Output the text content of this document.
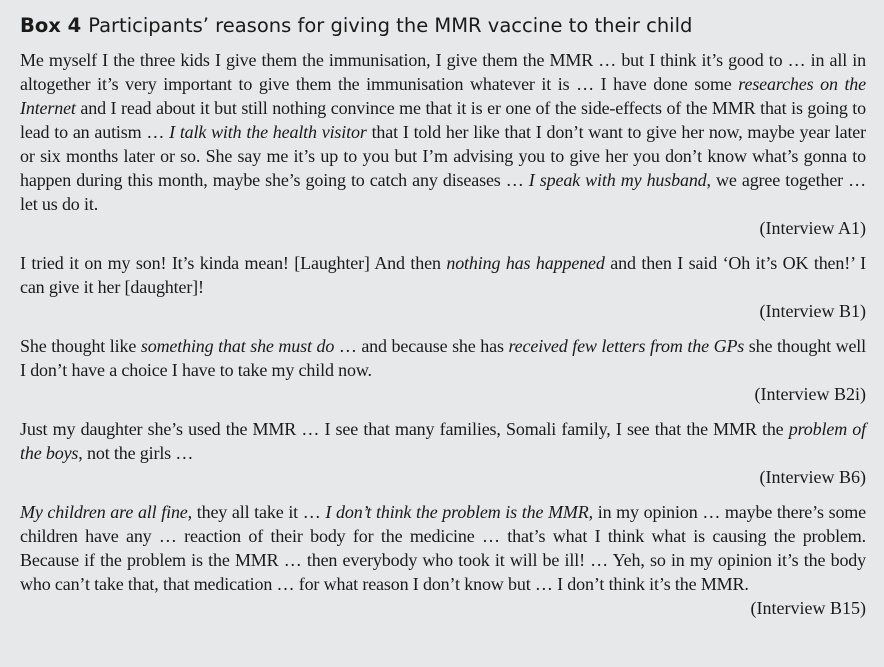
Box 4 Participants’ reasons for giving the MMR vaccine to their child

Me myself I the three kids I give them the immunisation, I give them the MMR … but I think it’s good to … in all in altogether it’s very important to give them the immunisation whatever it is … I have done some researches on the Internet and I read about it but still nothing convince me that it is er one of the side-effects of the MMR that is going to lead to an autism … I talk with the health visitor that I told her like that I don’t want to give her now, maybe year later or six months later or so. She say me it’s up to you but I’m advising you to give her you don’t know what’s gonna to happen during this month, maybe she’s going to catch any diseases … I speak with my husband, we agree together … let us do it.

(Interview A1)

I tried it on my son! It’s kinda mean! [Laughter] And then nothing has happened and then I said ‘Oh it’s OK then!’ I can give it her [daughter]!

(Interview B1)

She thought like something that she must do … and because she has received few letters from the GPs she thought well I don’t have a choice I have to take my child now.

(Interview B2i)

Just my daughter she’s used the MMR … I see that many families, Somali family, I see that the MMR the problem of the boys, not the girls …

(Interview B6)

My children are all fine, they all take it … I don’t think the problem is the MMR, in my opinion … maybe there’s some children have any … reaction of their body for the medicine … that’s what I think what is causing the problem. Because if the problem is the MMR … then everybody who took it will be ill! … Yeh, so in my opinion it’s the body who can’t take that, that medication … for what reason I don’t know but … I don’t think it’s the MMR.

(Interview B15)
